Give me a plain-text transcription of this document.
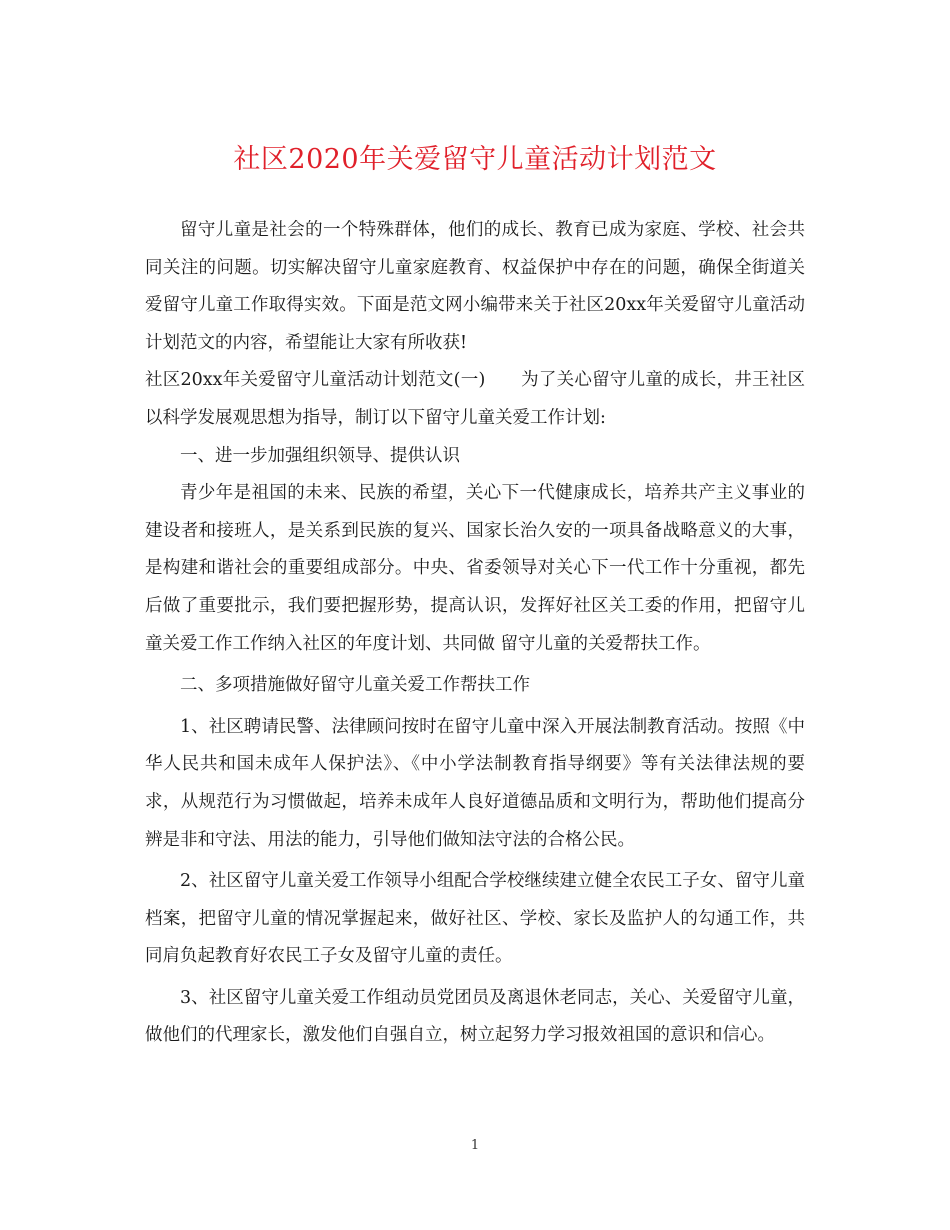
社区2020年关爱留守儿童活动计划范文

留守儿童是社会的一个特殊群体，他们的成长、教育已成为家庭、学校、社会共同关注的问题。切实解决留守儿童家庭教育、权益保护中存在的问题，确保全街道关爱留守儿童工作取得实效。下面是范文网小编带来关于社区20xx年关爱留守儿童活动计划范文的内容，希望能让大家有所收获!

社区20xx年关爱留守儿童活动计划范文(一)　　为了关心留守儿童的成长，井王社区以科学发展观思想为指导，制订以下留守儿童关爱工作计划:

一、进一步加强组织领导、提供认识

青少年是祖国的未来、民族的希望，关心下一代健康成长，培养共产主义事业的建设者和接班人，是关系到民族的复兴、国家长治久安的一项具备战略意义的大事，是构建和谐社会的重要组成部分。中央、省委领导对关心下一代工作十分重视，都先后做了重要批示，我们要把握形势，提高认识，发挥好社区关工委的作用，把留守儿童关爱工作工作纳入社区的年度计划、共同做 留守儿童的关爱帮扶工作。

二、多项措施做好留守儿童关爱工作帮扶工作

1、社区聘请民警、法律顾问按时在留守儿童中深入开展法制教育活动。按照《中华人民共和国未成年人保护法》、《中小学法制教育指导纲要》等有关法律法规的要求，从规范行为习惯做起，培养未成年人良好道德品质和文明行为，帮助他们提高分辨是非和守法、用法的能力，引导他们做知法守法的合格公民。

2、社区留守儿童关爱工作领导小组配合学校继续建立健全农民工子女、留守儿童档案，把留守儿童的情况掌握起来，做好社区、学校、家长及监护人的勾通工作，共同肩负起教育好农民工子女及留守儿童的责任。

3、社区留守儿童关爱工作组动员党团员及离退休老同志，关心、关爱留守儿童，做他们的代理家长，激发他们自强自立，树立起努力学习报效祖国的意识和信心。

1
